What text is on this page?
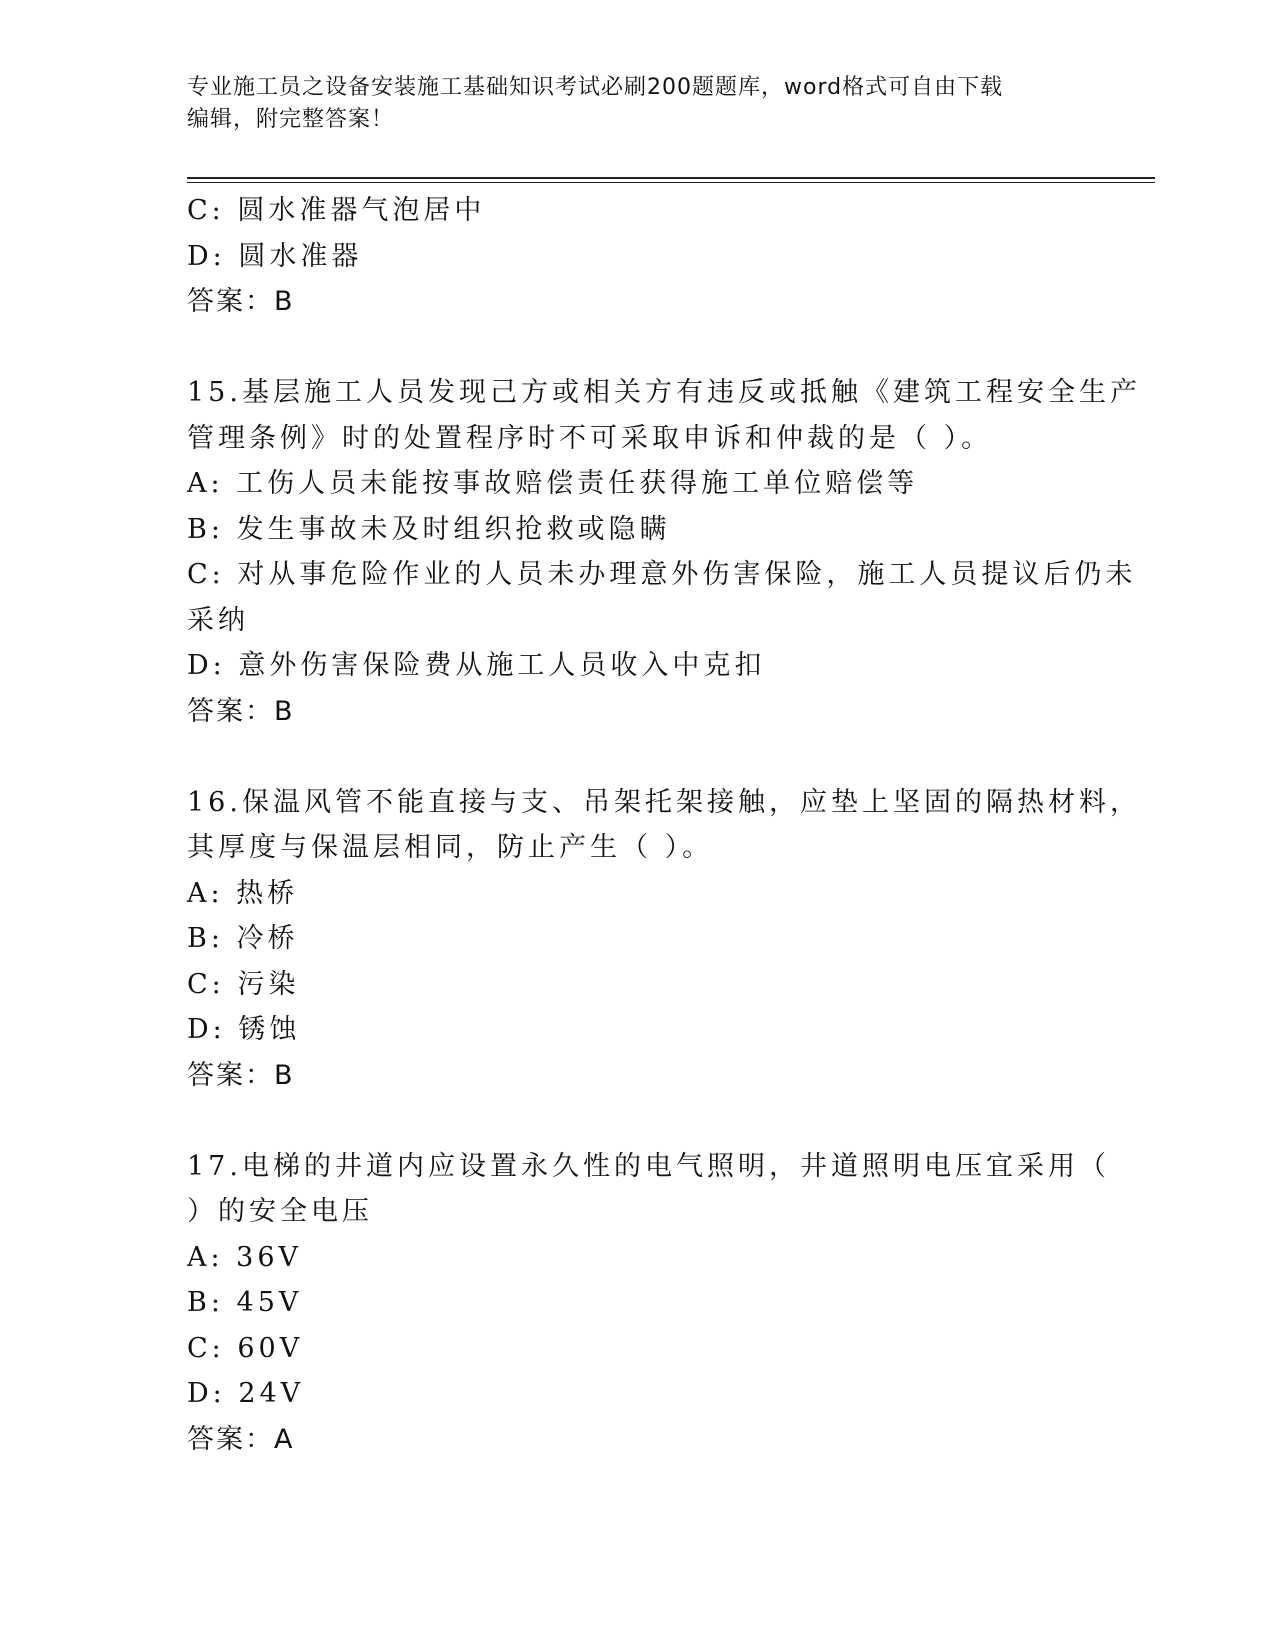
专业施工员之设备安装施工基础知识考试必刷200题题库，word格式可自由下载
编辑，附完整答案！
C: 圆水准器气泡居中
D: 圆水准器
答案：B
15.基层施工人员发现己方或相关方有违反或抵触《建筑工程安全生产
管理条例》时的处置程序时不可采取申诉和仲裁的是（ ）。
A: 工伤人员未能按事故赔偿责任获得施工单位赔偿等
B: 发生事故未及时组织抢救或隐瞒
C: 对从事危险作业的人员未办理意外伤害保险，施工人员提议后仍未
采纳
D: 意外伤害保险费从施工人员收入中克扣
答案：B
16.保温风管不能直接与支、吊架托架接触，应垫上坚固的隔热材料，
其厚度与保温层相同，防止产生（ ）。
A: 热桥
B: 冷桥
C: 污染
D: 锈蚀
答案：B
17.电梯的井道内应设置永久性的电气照明，井道照明电压宜采用（
）的安全电压
A: 36V
B: 45V
C: 60V
D: 24V
答案：A
